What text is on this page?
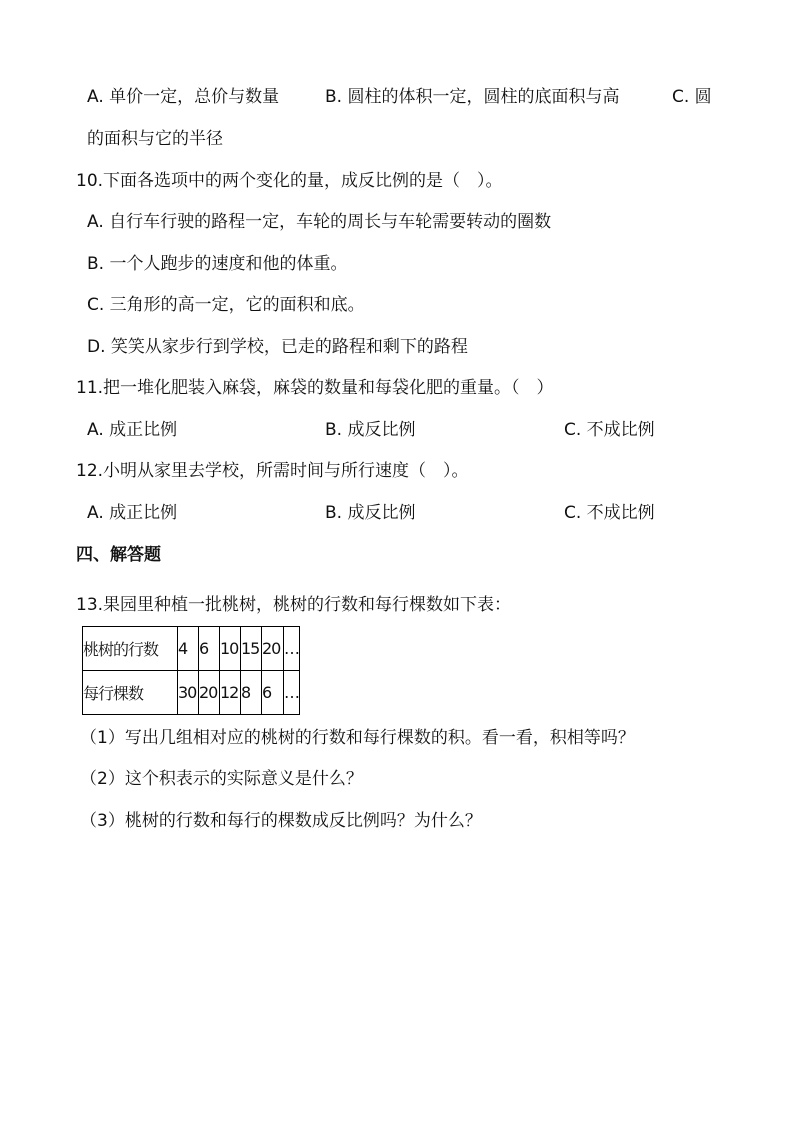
A. 单价一定，总价与数量	B. 圆柱的体积一定，圆柱的底面积与高	C. 圆
的面积与它的半径
10.下面各选项中的两个变化的量，成反比例的是（　）。
A. 自行车行驶的路程一定，车轮的周长与车轮需要转动的圈数
B. 一个人跑步的速度和他的体重。
C. 三角形的高一定，它的面积和底。
D. 笑笑从家步行到学校，已走的路程和剩下的路程
11.把一堆化肥装入麻袋，麻袋的数量和每袋化肥的重量。（　）
A. 成正比例	B. 成反比例	C. 不成比例
12.小明从家里去学校，所需时间与所行速度（　）。
A. 成正比例	B. 成反比例	C. 不成比例
四、解答题
13.果园里种植一批桃树，桃树的行数和每行棵数如下表：
桃树的行数	4	6	10	15	20	…
每行棵数	30	20	12	8	6	…
（1）写出几组相对应的桃树的行数和每行棵数的积。看一看，积相等吗？
（2）这个积表示的实际意义是什么？
（3）桃树的行数和每行的棵数成反比例吗？为什么？
